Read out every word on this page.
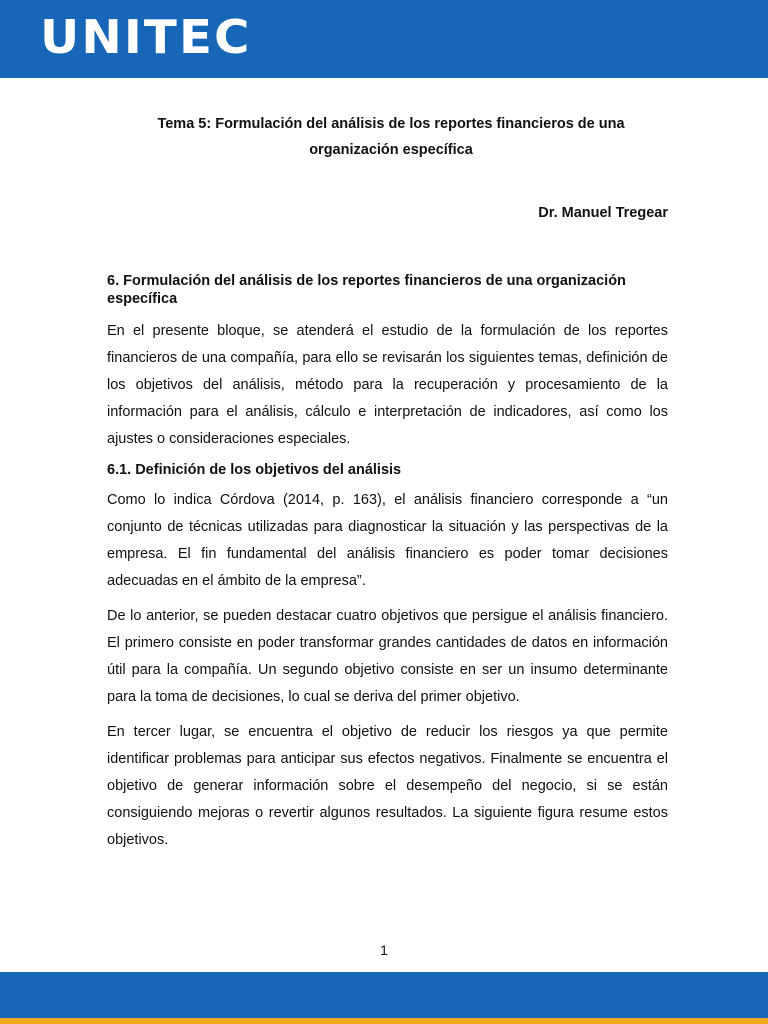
UNITEC
Tema 5: Formulación del análisis de los reportes financieros de una
organización específica
Dr. Manuel Tregear
6. Formulación del análisis de los reportes financieros de una organización específica

En el presente bloque, se atenderá el estudio de la formulación de los reportes financieros de una compañía, para ello se revisarán los siguientes temas, definición de los objetivos del análisis, método para la recuperación y procesamiento de la información para el análisis, cálculo e interpretación de indicadores, así como los ajustes o consideraciones especiales.

6.1. Definición de los objetivos del análisis

Como lo indica Córdova (2014, p. 163), el análisis financiero corresponde a “un conjunto de técnicas utilizadas para diagnosticar la situación y las perspectivas de la empresa. El fin fundamental del análisis financiero es poder tomar decisiones adecuadas en el ámbito de la empresa”.

De lo anterior, se pueden destacar cuatro objetivos que persigue el análisis financiero. El primero consiste en poder transformar grandes cantidades de datos en información útil para la compañía. Un segundo objetivo consiste en ser un insumo determinante para la toma de decisiones, lo cual se deriva del primer objetivo.

En tercer lugar, se encuentra el objetivo de reducir los riesgos ya que permite identificar problemas para anticipar sus efectos negativos. Finalmente se encuentra el objetivo de generar información sobre el desempeño del negocio, si se están consiguiendo mejoras o revertir algunos resultados. La siguiente figura resume estos objetivos.

1
